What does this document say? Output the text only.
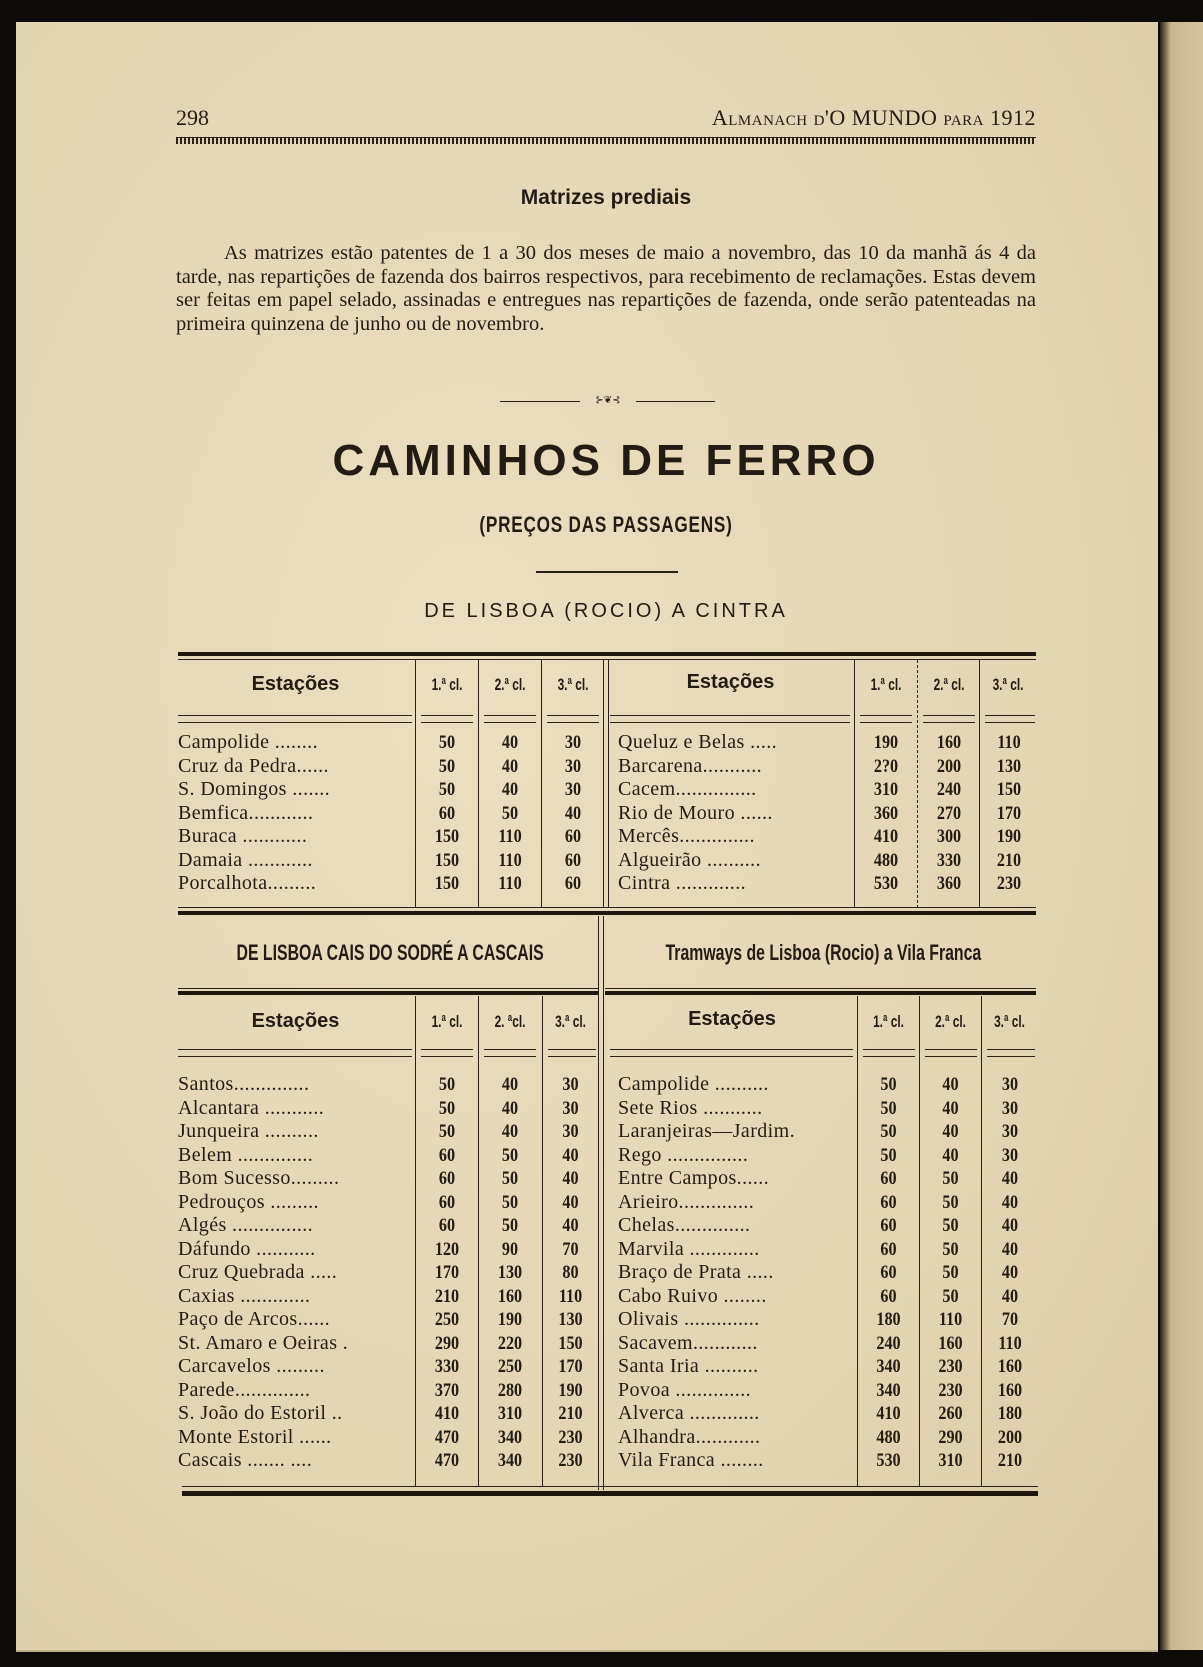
298	Almanach d'O MUNDO para 1912
Matrizes prediais
As matrizes estão patentes de 1 a 30 dos meses de maio a novembro, das 10 da manhã ás 4 da tarde, nas repartições de fazenda dos bairros respectivos, para recebimento de reclamações. Estas devem ser feitas em papel selado, assinadas e entregues nas repartições de fazenda, onde serão patenteadas na primeira quinzena de junho ou de novembro.
⊱❦⊰
CAMINHOS DE FERRO
(PREÇOS DAS PASSAGENS)
DE LISBOA (ROCIO) A CINTRA
Estações	1.ª cl.	2.ª cl.	3.ª cl.	Estações	1.ª cl.	2.ª cl.	3.ª cl.
Campolide ........	50	40	30
Cruz da Pedra......	50	40	30
S. Domingos .......	50	40	30
Bemfica............	60	50	40
Buraca ............	150	110	60
Damaia ............	150	110	60
Porcalhota.........	150	110	60
Queluz e Belas .....	190	160	110
Barcarena...........	2?0	200	130
Cacem...............	310	240	150
Rio de Mouro ......	360	270	170
Mercês..............	410	300	190
Algueirão ..........	480	330	210
Cintra .............	530	360	230
DE LISBOA CAIS DO SODRÉ A CASCAIS	Tramways de Lisboa (Rocio) a Vila Franca
Estações	1.ª cl.	2. ªcl.	3.ª cl.
Santos..............	50	40	30
Alcantara ...........	50	40	30
Junqueira ..........	50	40	30
Belem ..............	60	50	40
Bom Sucesso.........	60	50	40
Pedrouços .........	60	50	40
Algés ...............	60	50	40
Dáfundo ...........	120	90	70
Cruz Quebrada .....	170	130	80
Caxias .............	210	160	110
Paço de Arcos......	250	190	130
St. Amaro e Oeiras .	290	220	150
Carcavelos .........	330	250	170
Parede..............	370	280	190
S. João do Estoril ..	410	310	210
Monte Estoril ......	470	340	230
Cascais ....... ....	470	340	230
Estações	1.ª cl.	2.ª cl.	3.ª cl.
Campolide ..........	50	40	30
Sete Rios ...........	50	40	30
Laranjeiras—Jardim.	50	40	30
Rego ...............	50	40	30
Entre Campos......	60	50	40
Arieiro..............	60	50	40
Chelas..............	60	50	40
Marvila .............	60	50	40
Braço de Prata .....	60	50	40
Cabo Ruivo ........	60	50	40
Olivais ..............	180	110	70
Sacavem............	240	160	110
Santa Iria ..........	340	230	160
Povoa ..............	340	230	160
Alverca .............	410	260	180
Alhandra............	480	290	200
Vila Franca ........	530	310	210
